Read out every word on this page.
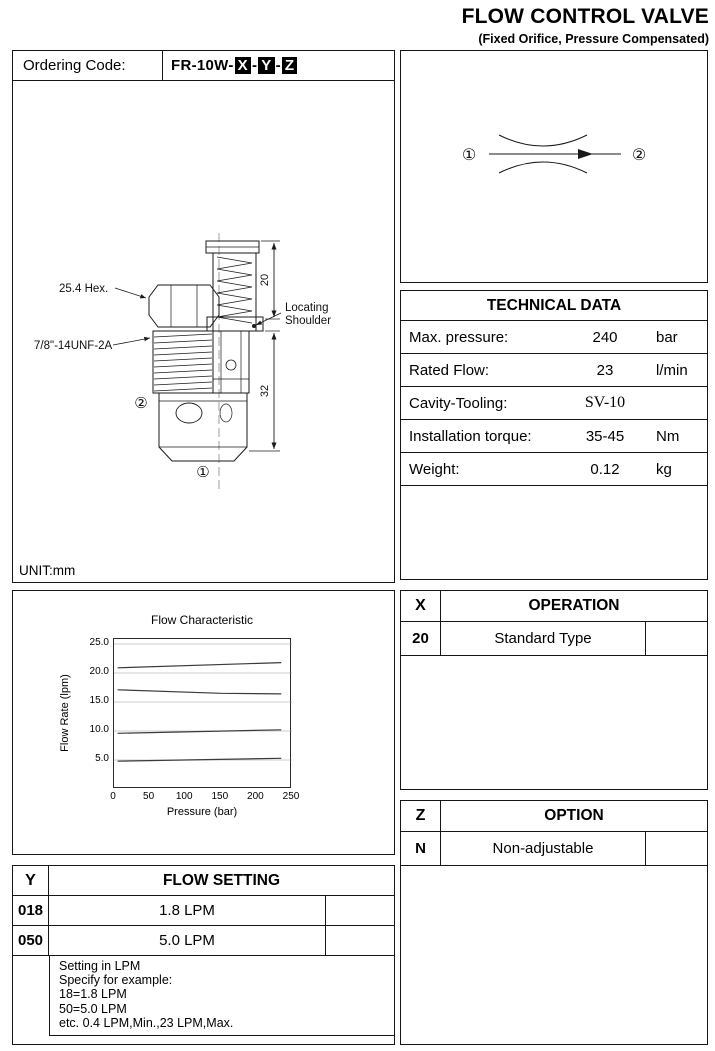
FLOW CONTROL VALVE
(Fixed Orifice, Pressure Compensated)
Ordering Code:	FR-10W- X - Y - Z
25.4 Hex.
7/8"-14UNF-2A
Locating
Shoulder
20
32
②
①
UNIT:mm
①	②
TECHNICAL DATA
Max. pressure:	240	bar
Rated Flow:	23	l/min
Cavity-Tooling:	SV-10
Installation torque:	35-45	Nm
Weight:	0.12	kg
Flow Characteristic
Flow Rate (lpm)
25.0
20.0
15.0
10.0
5.0
0	50 100 150 200 250
Pressure (bar)
X	OPERATION
20	Standard Type
Z	OPTION
N	Non-adjustable
Y	FLOW SETTING
018	1.8 LPM
050	5.0 LPM
Setting in LPM
Specify for example:
18=1.8 LPM
50=5.0 LPM
etc. 0.4 LPM,Min.,23 LPM,Max.
